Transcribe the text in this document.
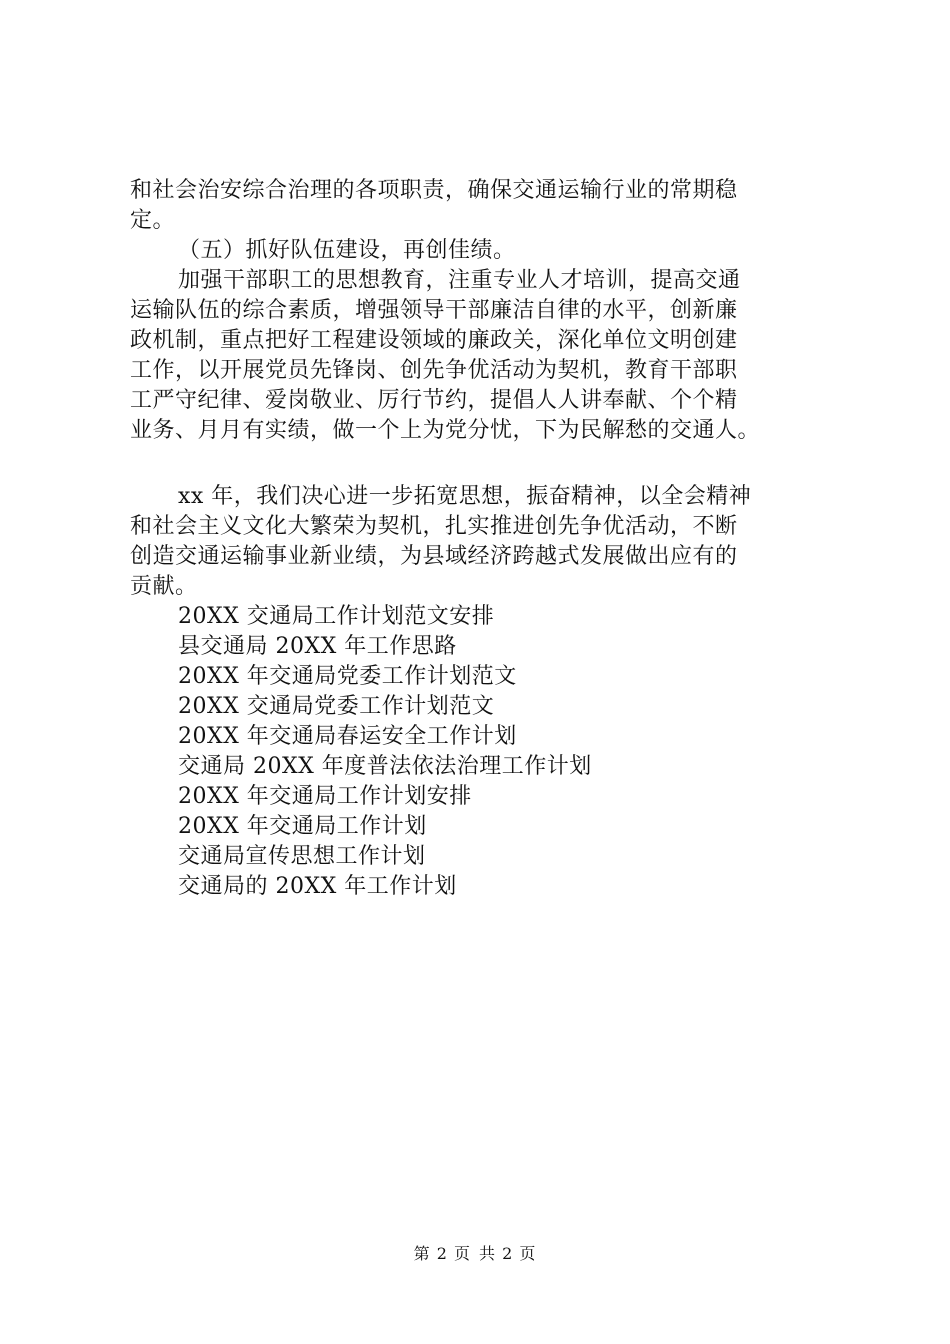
和社会治安综合治理的各项职责，确保交通运输行业的常期稳
定。
（五）抓好队伍建设，再创佳绩。
加强干部职工的思想教育，注重专业人才培训，提高交通
运输队伍的综合素质，增强领导干部廉洁自律的水平，创新廉
政机制，重点把好工程建设领域的廉政关，深化单位文明创建
工作，以开展党员先锋岗、创先争优活动为契机，教育干部职
工严守纪律、爱岗敬业、厉行节约，提倡人人讲奉献、个个精
业务、月月有实绩，做一个上为党分忧，下为民解愁的交通人。
xx 年，我们决心进一步拓宽思想，振奋精神，以全会精神
和社会主义文化大繁荣为契机，扎实推进创先争优活动，不断
创造交通运输事业新业绩，为县域经济跨越式发展做出应有的
贡献。
20XX 交通局工作计划范文安排
县交通局 20XX 年工作思路
20XX 年交通局党委工作计划范文
20XX 交通局党委工作计划范文
20XX 年交通局春运安全工作计划
交通局 20XX 年度普法依法治理工作计划
20XX 年交通局工作计划安排
20XX 年交通局工作计划
交通局宣传思想工作计划
交通局的 20XX 年工作计划
第 2 页 共 2 页
